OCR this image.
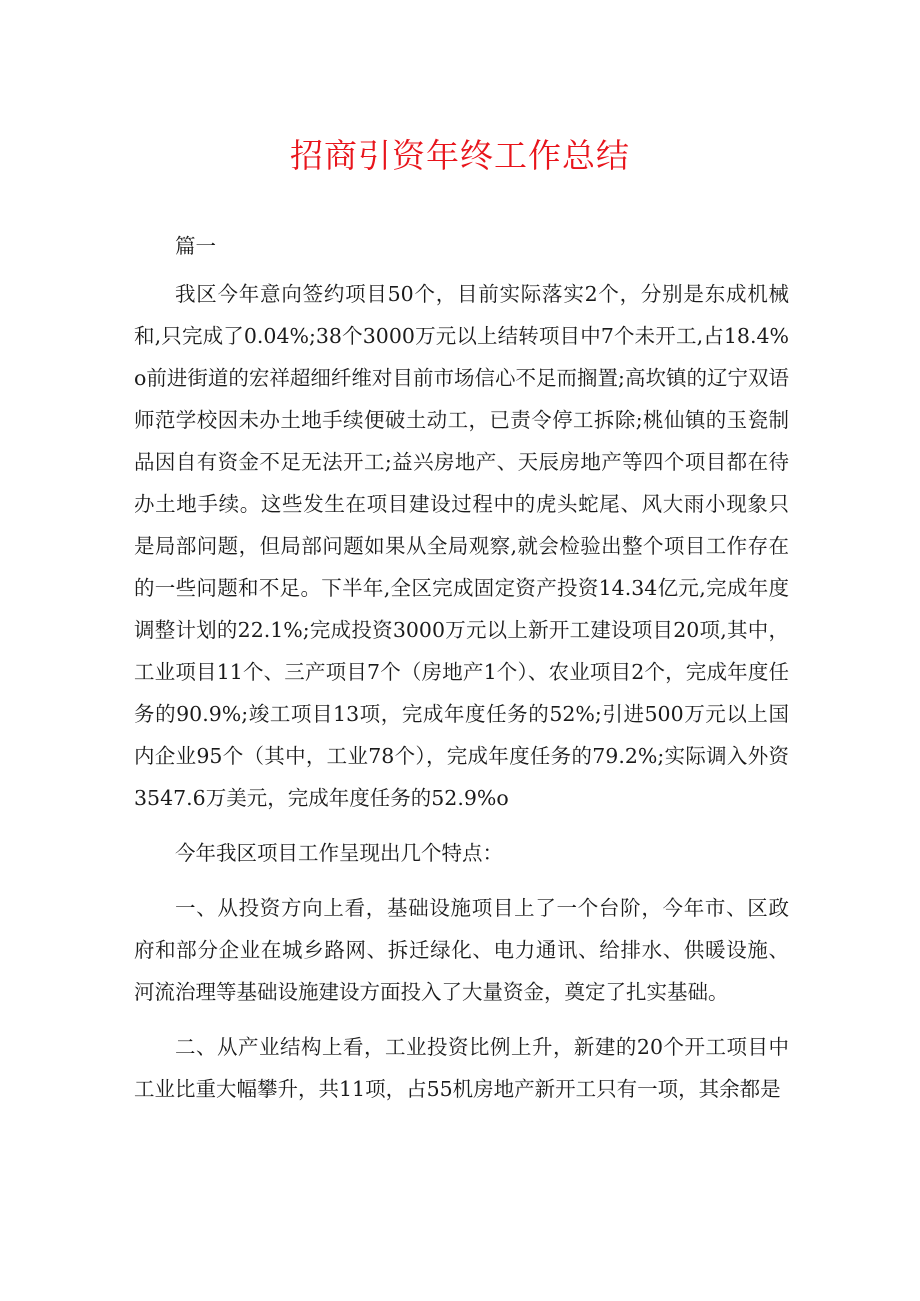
招商引资年终工作总结

篇一

我区今年意向签约项目50个，目前实际落实2个，分别是东成机械和,只完成了0.04%;38个3000万元以上结转项目中7个未开工,占18.4%o前进街道的宏祥超细纤维对目前市场信心不足而搁置;高坎镇的辽宁双语师范学校因未办土地手续便破土动工，已责令停工拆除;桃仙镇的玉瓷制品因自有资金不足无法开工;益兴房地产、天辰房地产等四个项目都在待办土地手续。这些发生在项目建设过程中的虎头蛇尾、风大雨小现象只是局部问题，但局部问题如果从全局观察,就会检验出整个项目工作存在的一些问题和不足。下半年,全区完成固定资产投资14.34亿元,完成年度调整计划的22.1%;完成投资3000万元以上新开工建设项目20项,其中，工业项目11个、三产项目7个（房地产1个）、农业项目2个，完成年度任务的90.9%;竣工项目13项，完成年度任务的52%;引进500万元以上国内企业95个（其中，工业78个），完成年度任务的79.2%;实际调入外资3547.6万美元，完成年度任务的52.9%o

今年我区项目工作呈现出几个特点：

一、从投资方向上看，基础设施项目上了一个台阶，今年市、区政府和部分企业在城乡路网、拆迁绿化、电力通讯、给排水、供暖设施、河流治理等基础设施建设方面投入了大量资金，奠定了扎实基础。

二、从产业结构上看，工业投资比例上升，新建的20个开工项目中工业比重大幅攀升，共11项，占55机房地产新开工只有一项，其余都是
